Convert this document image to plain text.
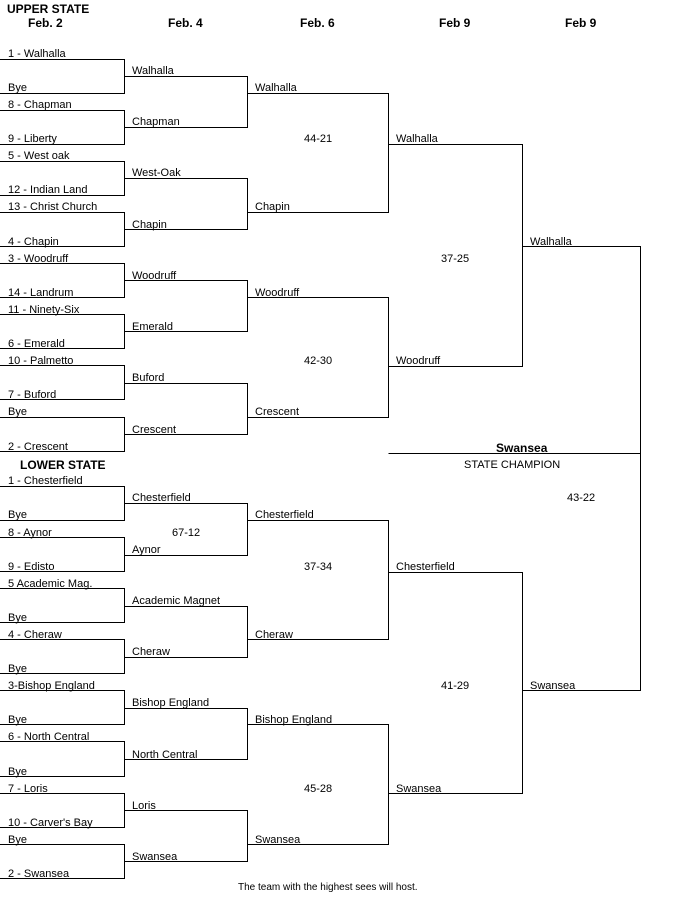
UPPER STATE
Feb. 2	Feb. 4	Feb. 6	Feb 9	Feb 9
1 - Walhalla
Bye
8 - Chapman
9 - Liberty
5 - West oak
12 - Indian Land
13 - Christ Church
4 - Chapin
3 - Woodruff
14 - Landrum
11 - Ninety-Six
6 - Emerald
10 - Palmetto
7 - Buford
Bye
2 - Crescent
Walhalla
Chapman
West-Oak
Chapin
Woodruff
Emerald
Buford
Crescent
Walhalla
Chapin
Woodruff
Crescent
44-21
42-30
Walhalla
Woodruff
37-25
Walhalla
Swansea
STATE CHAMPION
43-22
LOWER STATE
1 - Chesterfield
Bye
8 - Aynor
9 - Edisto
5 Academic Mag.
Bye
4 - Cheraw
Bye
3-Bishop England
Bye
6 - North Central
Bye
7 - Loris
10 - Carver's Bay
Bye
2 - Swansea
Chesterfield
Aynor
Academic Magnet
Cheraw
Bishop England
North Central
Loris
Swansea
67-12
Chesterfield
Cheraw
Bishop England
Swansea
37-34
45-28
Chesterfield
Swansea
41-29	Swansea
The team with the highest sees will host.
